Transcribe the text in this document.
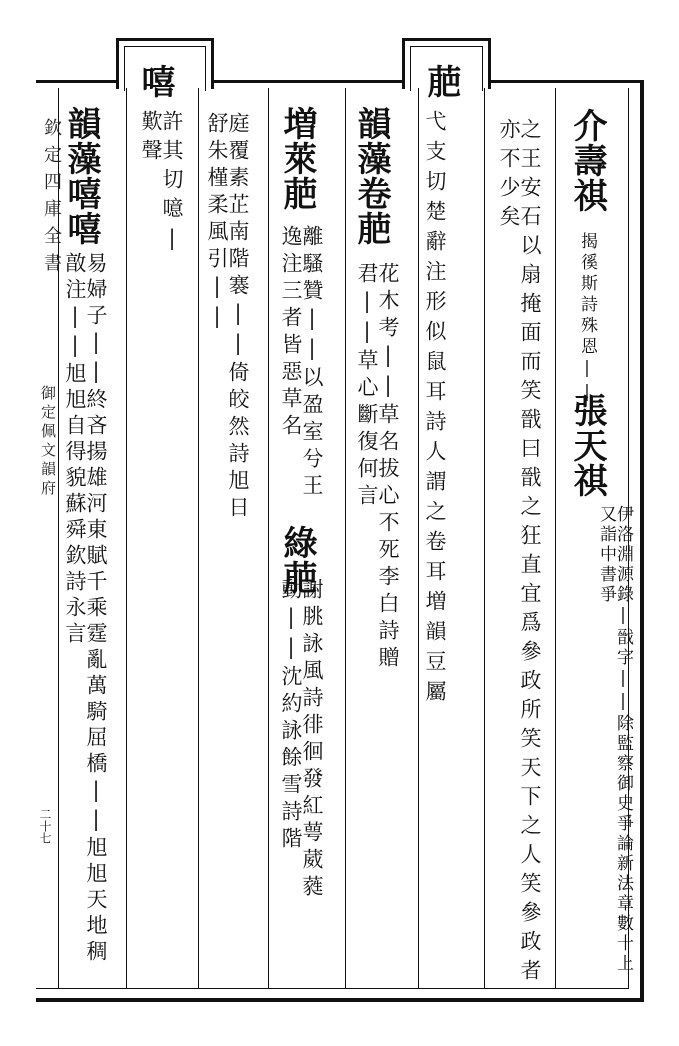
欽定四庫全書
御定佩文韻府
二十七
介壽祺
揭徯斯詩殊恩||
張天祺
伊洛淵源錄|戩字||除監察御史爭論新法章數十上又詣中書爭
之王安石以扇掩面而笑戩曰戩之狂直宜爲參政所笑天下之人笑參政者亦不少矣
萉
弋支切楚辭注形似鼠耳詩人謂之卷耳増韻豆屬
韻藻卷萉
花木考||草名拔心不死李白詩贈君||草心斷復何言
増萊萉
離騷贊||以盈室兮王逸注三者皆惡草名
綠萉
謝朓詠風詩徘徊發紅萼葳蕤動||沈約詠餘雪詩階
庭覆素芷南階褰||倚皎然詩旭日舒朱槿柔風引||
嘻
許其切噫|歎聲
韻藻嘻嘻
易婦子||終吝揚雄河東賦千乘霆亂萬騎屈橋||旭旭天地稠㪟注||旭旭自得貌蘇舜欽詩永言
